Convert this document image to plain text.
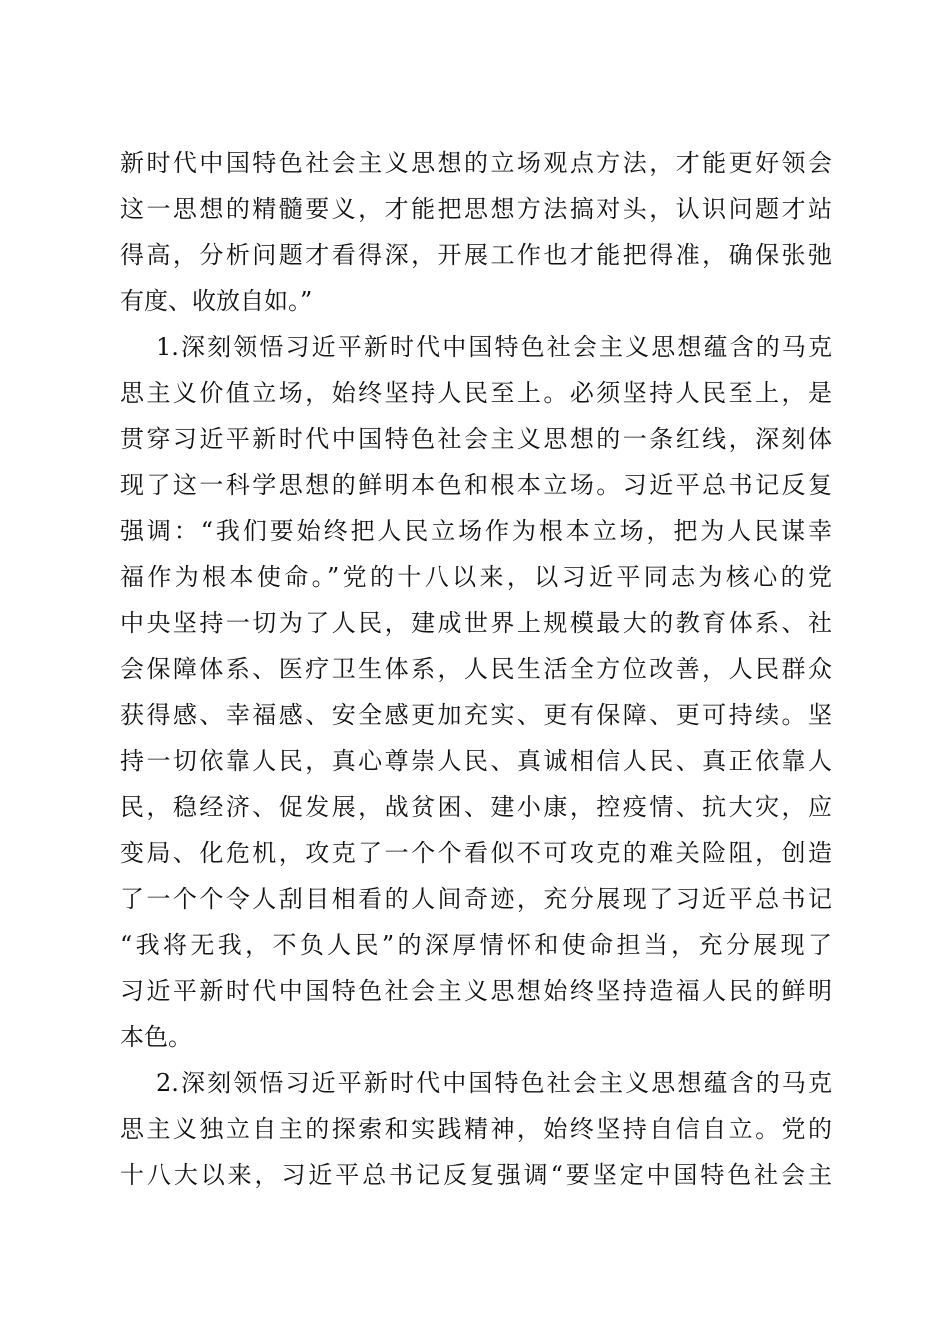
新时代中国特色社会主义思想的立场观点方法，才能更好领会
这一思想的精髓要义，才能把思想方法搞对头，认识问题才站
得高，分析问题才看得深，开展工作也才能把得准，确保张弛
有度、收放自如。”
1.深刻领悟习近平新时代中国特色社会主义思想蕴含的马克
思主义价值立场，始终坚持人民至上。必须坚持人民至上，是
贯穿习近平新时代中国特色社会主义思想的一条红线，深刻体
现了这一科学思想的鲜明本色和根本立场。习近平总书记反复
强调：“我们要始终把人民立场作为根本立场，把为人民谋幸
福作为根本使命。”党的十八以来，以习近平同志为核心的党
中央坚持一切为了人民，建成世界上规模最大的教育体系、社
会保障体系、医疗卫生体系，人民生活全方位改善，人民群众
获得感、幸福感、安全感更加充实、更有保障、更可持续。坚
持一切依靠人民，真心尊崇人民、真诚相信人民、真正依靠人
民，稳经济、促发展，战贫困、建小康，控疫情、抗大灾，应
变局、化危机，攻克了一个个看似不可攻克的难关险阻，创造
了一个个令人刮目相看的人间奇迹，充分展现了习近平总书记
“我将无我，不负人民”的深厚情怀和使命担当，充分展现了
习近平新时代中国特色社会主义思想始终坚持造福人民的鲜明
本色。
2.深刻领悟习近平新时代中国特色社会主义思想蕴含的马克
思主义独立自主的探索和实践精神，始终坚持自信自立。党的
十八大以来，习近平总书记反复强调“要坚定中国特色社会主
